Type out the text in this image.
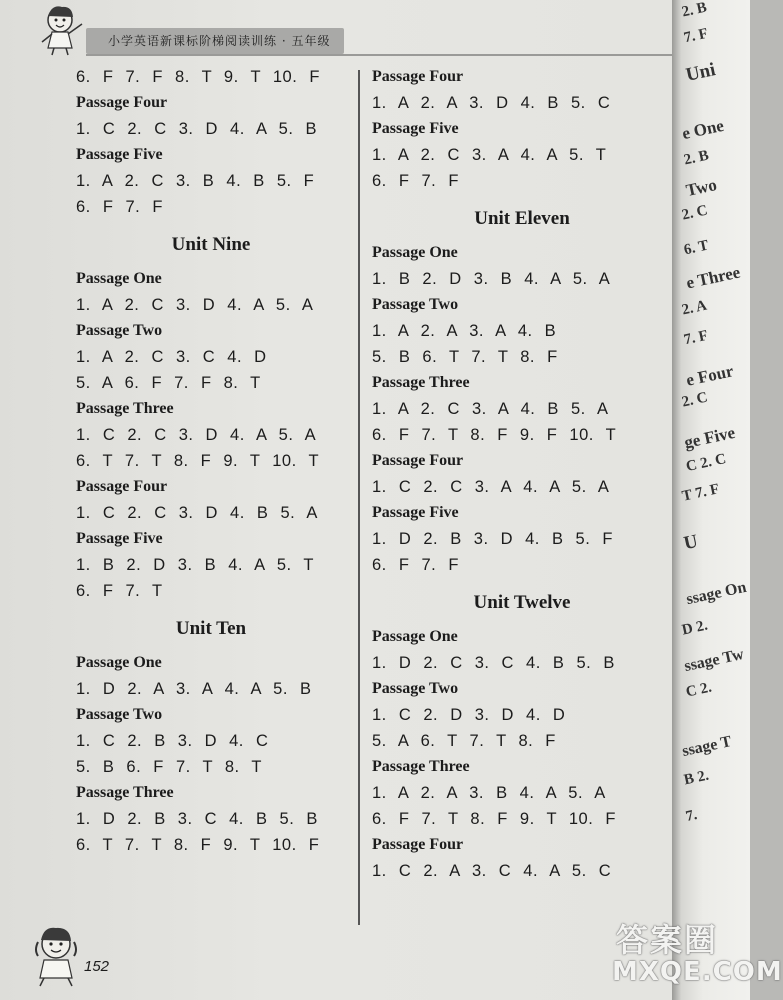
小学英语新课标阶梯阅读训练 · 五年级
6. F 7. F 8. T 9. T 10. F
Passage Four
1. C 2. C 3. D 4. A 5. B
Passage Five
1. A 2. C 3. B 4. B 5. F
6. F 7. F
Unit Nine
Passage One
1. A 2. C 3. D 4. A 5. A
Passage Two
1. A 2. C 3. C 4. D
5. A 6. F 7. F 8. T
Passage Three
1. C 2. C 3. D 4. A 5. A
6. T 7. T 8. F 9. T 10. T
Passage Four
1. C 2. C 3. D 4. B 5. A
Passage Five
1. B 2. D 3. B 4. A 5. T
6. F 7. T
Unit Ten
Passage One
1. D 2. A 3. A 4. A 5. B
Passage Two
1. C 2. B 3. D 4. C
5. B 6. F 7. T 8. T
Passage Three
1. D 2. B 3. C 4. B 5. B
6. T 7. T 8. F 9. T 10. F
Passage Four
1. A 2. A 3. D 4. B 5. C
Passage Five
1. A 2. C 3. A 4. A 5. T
6. F 7. F
Unit Eleven
Passage One
1. B 2. D 3. B 4. A 5. A
Passage Two
1. A 2. A 3. A 4. B
5. B 6. T 7. T 8. F
Passage Three
1. A 2. C 3. A 4. B 5. A
6. F 7. T 8. F 9. F 10. T
Passage Four
1. C 2. C 3. A 4. A 5. A
Passage Five
1. D 2. B 3. D 4. B 5. F
6. F 7. F
Unit Twelve
Passage One
1. D 2. C 3. C 4. B 5. B
Passage Two
1. C 2. D 3. D 4. D
5. A 6. T 7. T 8. F
Passage Three
1. A 2. A 3. B 4. A 5. A
6. F 7. T 8. F 9. T 10. F
Passage Four
1. C 2. A 3. C 4. A 5. C
152
2. B
7. F
Uni
e One
2. B
Two
2. C
6. T
e Three
2. A
7. F
e Four
2. C
ge Five
C 2. C
T 7. F
U
ssage On
D 2.
ssage Tw
C 2.
ssage T
B 2.
7.
答案圈
MXQE.COM
